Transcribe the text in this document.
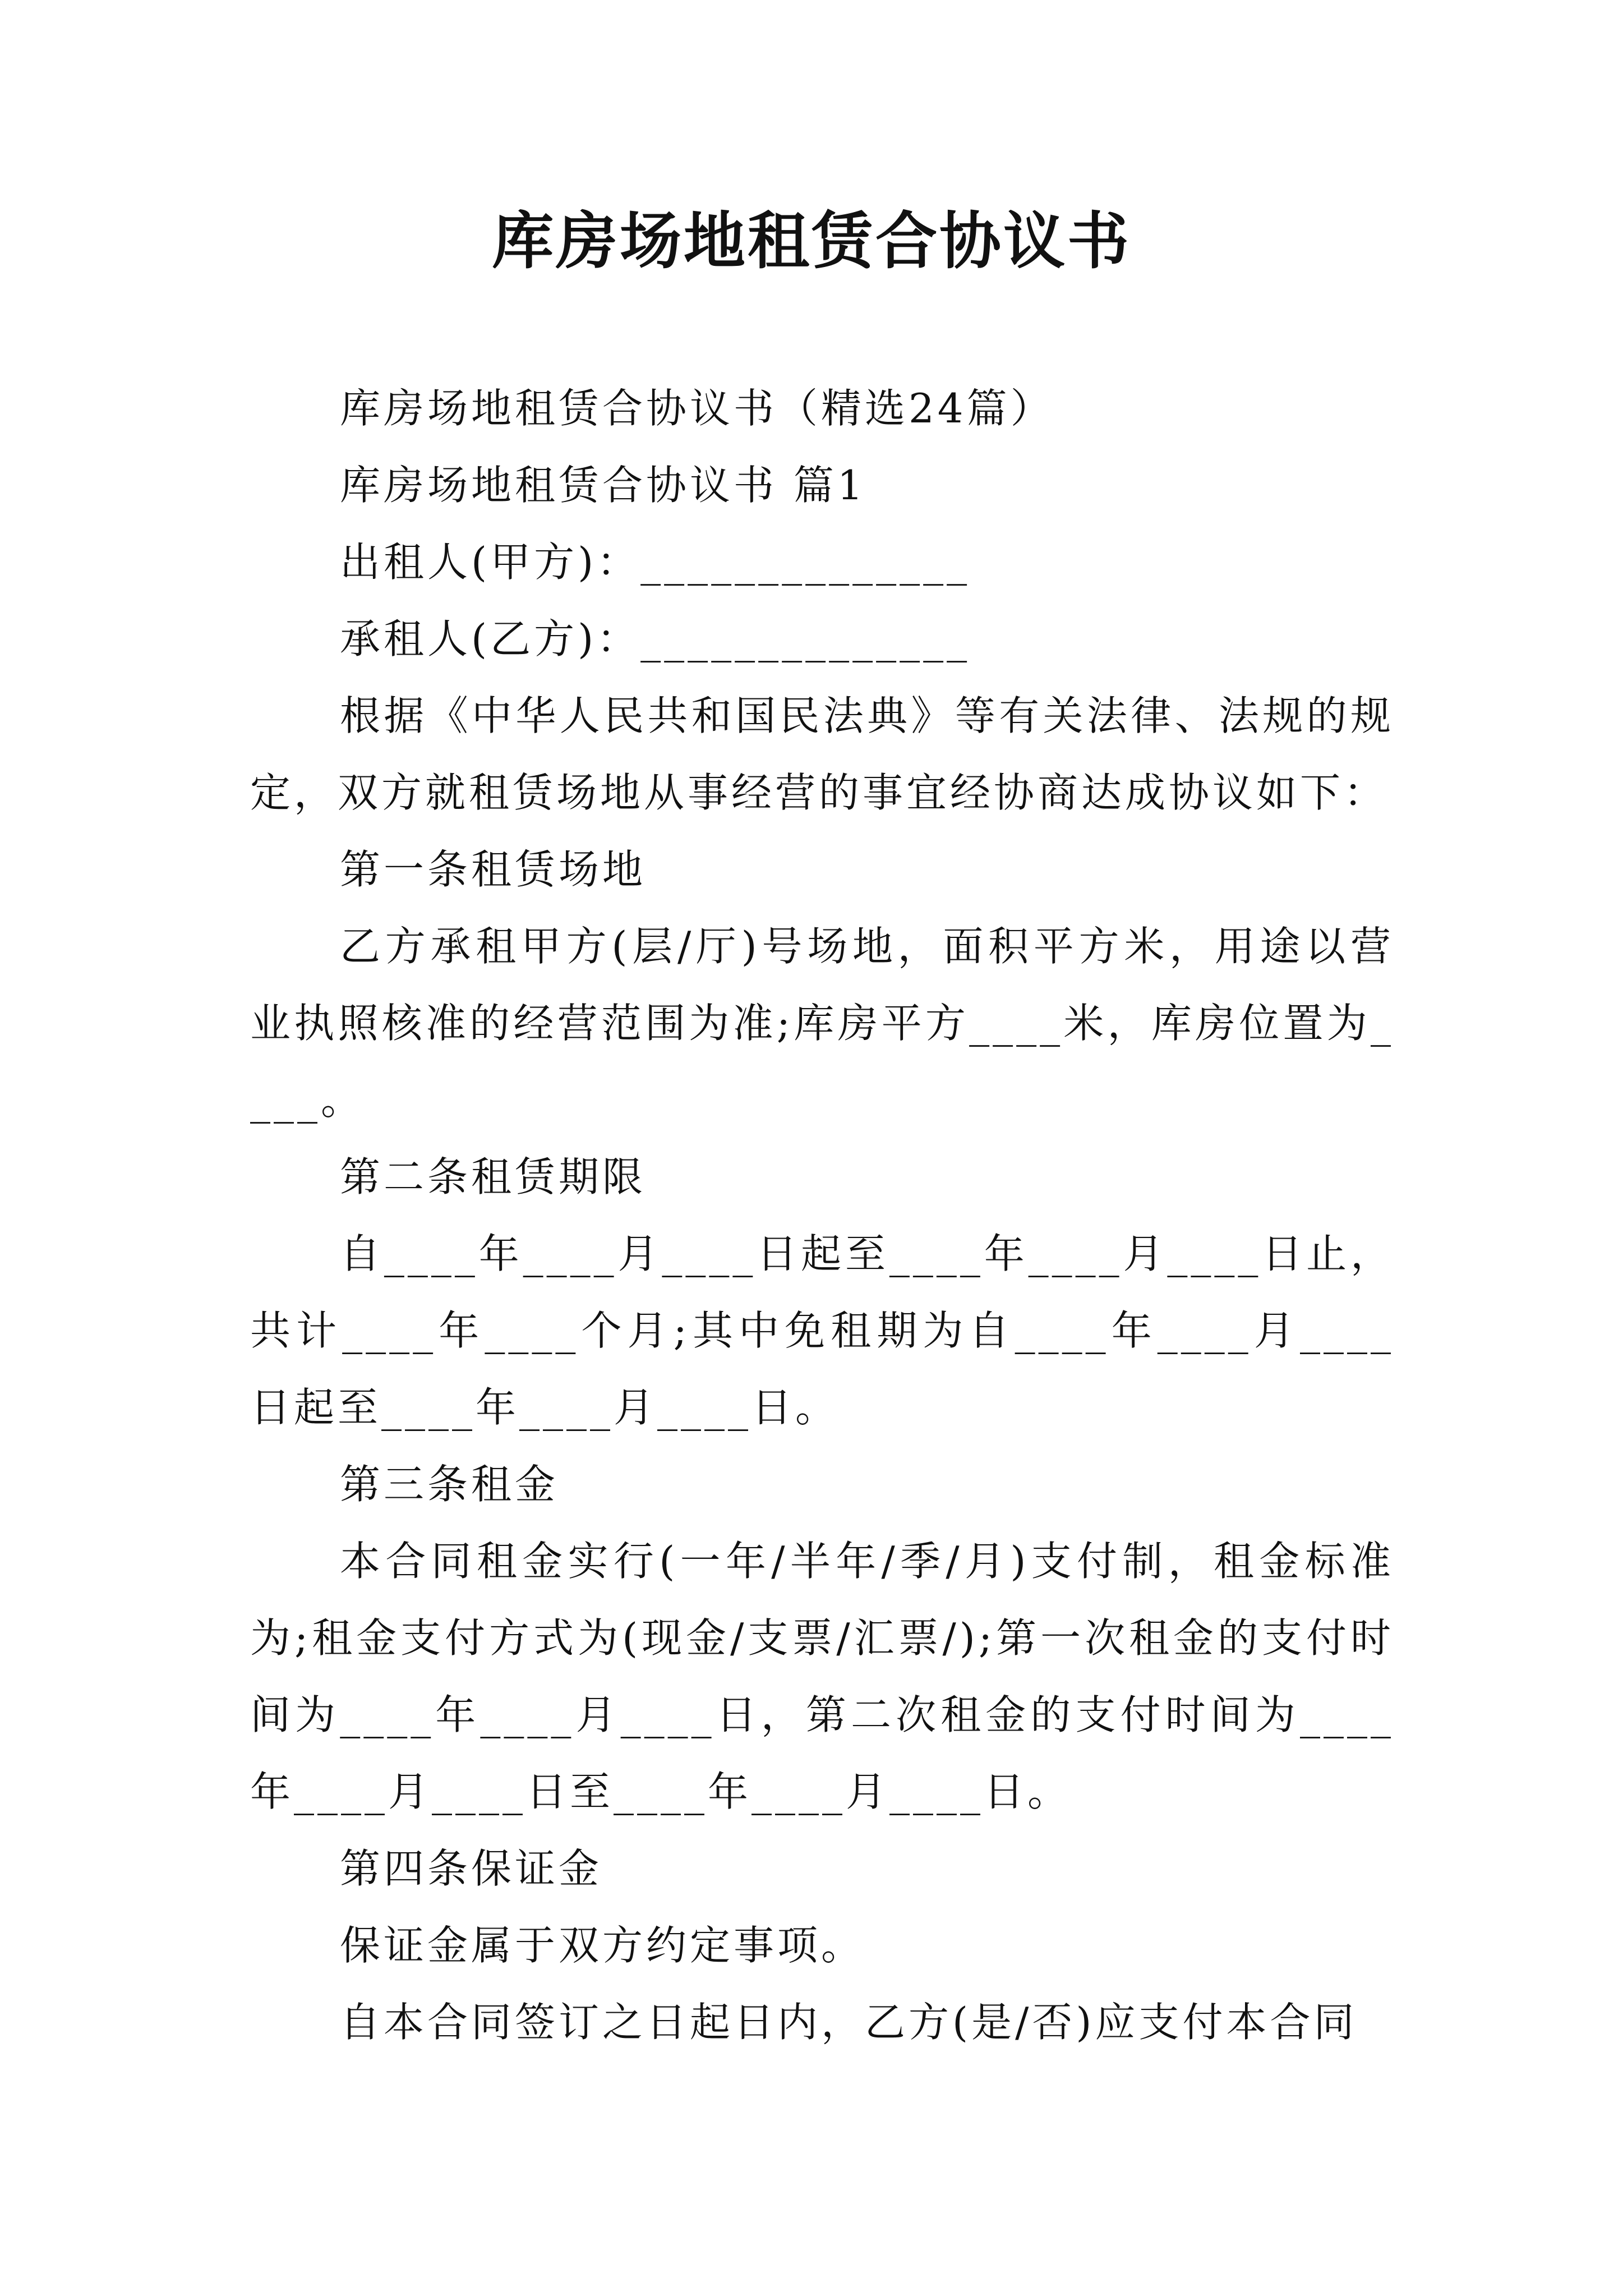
库房场地租赁合协议书

库房场地租赁合协议书（精选24篇）

库房场地租赁合协议书 篇1

出租人(甲方)：______________

承租人(乙方)：______________

根据《中华人民共和国民法典》等有关法律、法规的规定，双方就租赁场地从事经营的事宜经协商达成协议如下：

第一条租赁场地

乙方承租甲方(层/厅)号场地，面积平方米，用途以营业执照核准的经营范围为准;库房平方____米，库房位置为____。

第二条租赁期限

自____年____月____日起至____年____月____日止，共计____年____个月;其中免租期为自____年____月____日起至____年____月____日。

第三条租金

本合同租金实行(一年/半年/季/月)支付制，租金标准为;租金支付方式为(现金/支票/汇票/);第一次租金的支付时间为____年____月____日，第二次租金的支付时间为____年____月____日至____年____月____日。

第四条保证金

保证金属于双方约定事项。

自本合同签订之日起日内，乙方(是/否)应支付本合同
